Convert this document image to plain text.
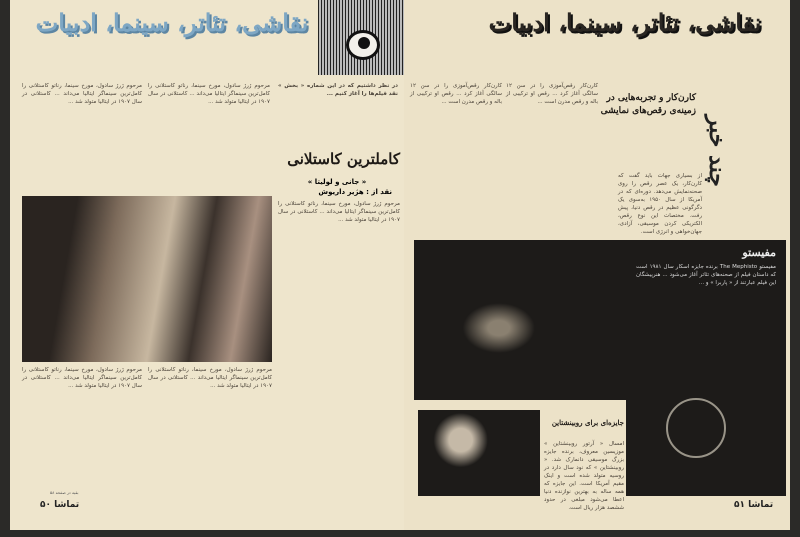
نقاشی، تئاتر، سینما، ادبیات
مرحوم ژرژ سادول، مورخ سینما، رناتو کاستلانی را کامل‌ترین سینماگر ایتالیا می‌داند ... کاستلانی در سال ۱۹۰۷ در ایتالیا متولد شد ...
مرحوم ژرژ سادول، مورخ سینما، رناتو کاستلانی را کامل‌ترین سینماگر ایتالیا می‌داند ... کاستلانی در سال ۱۹۰۷ در ایتالیا متولد شد ...
در نظر داشتیم که در این شماره « بخش » نقد فیلم‌ها را آغاز کنیم ...
کاملترین کاستلانی
« جانی و لولیتا »
نقد از : هژیر داریوش
مرحوم ژرژ سادول، مورخ سینما، رناتو کاستلانی را کامل‌ترین سینماگر ایتالیا می‌داند ... کاستلانی در سال ۱۹۰۷ در ایتالیا متولد شد ...
مرحوم ژرژ سادول، مورخ سینما، رناتو کاستلانی را کامل‌ترین سینماگر ایتالیا می‌داند ... کاستلانی در سال ۱۹۰۷ در ایتالیا متولد شد ...
مرحوم ژرژ سادول، مورخ سینما، رناتو کاستلانی را کامل‌ترین سینماگر ایتالیا می‌داند ... کاستلانی در سال ۱۹۰۷ در ایتالیا متولد شد ...
بقیه در صفحه ۵۸
تماشا ۵۰
نقاشی، تئاتر، سینما، ادبیات
کارن‌کار رقص‌آموزی را در سن ۱۲ سالگی آغاز کرد ... رقص او ترکیبی از باله و رقص مدرن است ...
کارن‌کار رقص‌آموزی را در سن ۱۲ سالگی آغاز کرد ... رقص او ترکیبی از باله و رقص مدرن است ... کارن‌کار و تجربه‌هایی در زمینه‌ی رقص‌های نمایشی
از بسیاری جهات باید گفت که کارن‌کار، یک عصر رقص را روی صحنه‌نمایش می‌دهد. دوره‌ای که در آمریکا از سال ۱۹۵۰ به‌سوی یک دگرگونی عظیم در رقص دنیا، پیش رفت. مختصات این نوع رقص، الکتریکی کردن موسیقی، آزادی، جهان‌خواهی و انرژی است.
چند خبر
مفیستو
مفیستو The Mephisto برنده جایزه اسکار سال ۱۹۸۱ است که داستان فیلم از صحنه‌های تئاتر آغاز می‌شود ... هنرپیشگان این فیلم عبارتند از « پاربرا » و ...
جایزه‌ای برای روبینشتاین
امسال « آرتور روبینشتاین » موزیسین معروف، برنده جایزه بزرگ موسیقی دانمارک شد. « روبینشتاین » که نود سال دارد در روسیه متولد شده است و اینک مقیم آمریکا است. این جایزه که همه ساله به بهترین نوازنده دنیا اعطا می‌شود مبلغی در حدود ششصد هزار ریال است.	تماشا ۵۱
